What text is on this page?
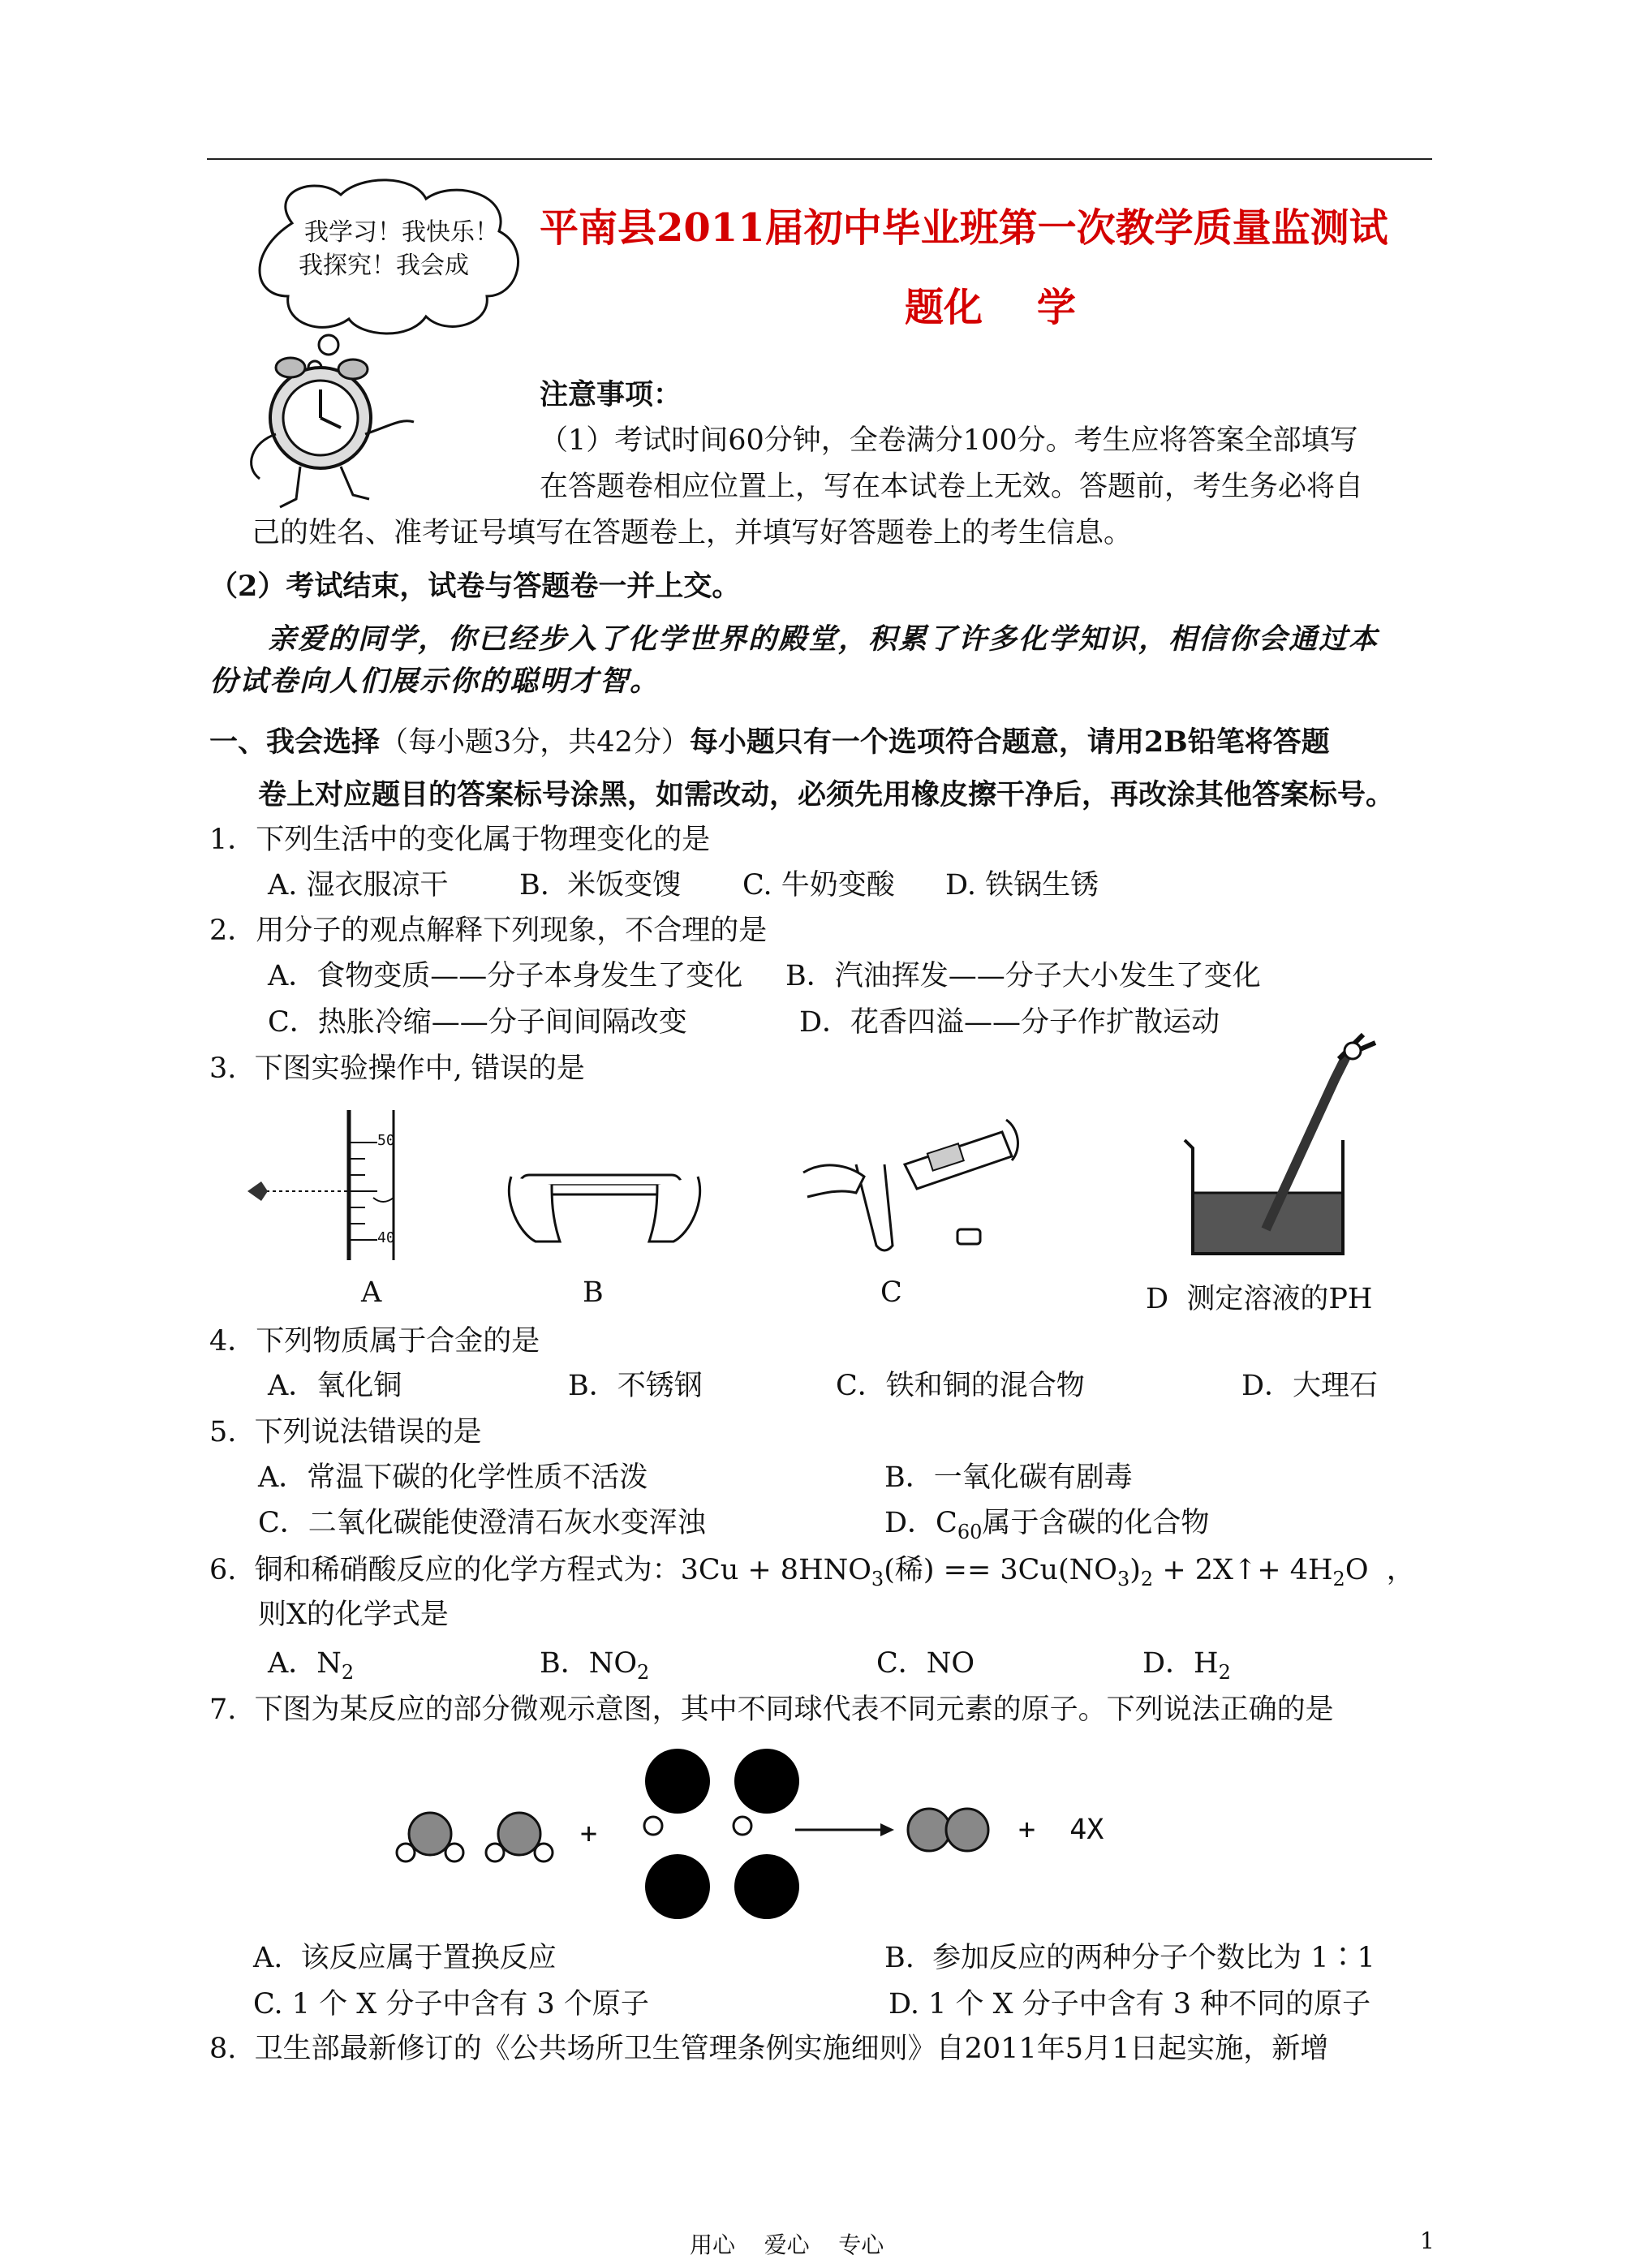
我学习！我快乐！
我探究！我会成
平南县2011届初中毕业班第一次教学质量监测试
题化    学
注意事项：
（1）考试时间60分钟，全卷满分100分。考生应将答案全部填写
在答题卷相应位置上，写在本试卷上无效。答题前，考生务必将自
己的姓名、准考证号填写在答题卷上，并填写好答题卷上的考生信息。
（2）考试结束，试卷与答题卷一并上交。
亲爱的同学，你已经步入了化学世界的殿堂，积累了许多化学知识，相信你会通过本
份试卷向人们展示你的聪明才智。
一、我会选择（每小题3分，共42分）每小题只有一个选项符合题意，请用2B铅笔将答题
卷上对应题目的答案标号涂黑，如需改动，必须先用橡皮擦干净后，再改涂其他答案标号。
1．下列生活中的变化属于物理变化的是
A. 湿衣服凉干 B.  米饭变馊 C. 牛奶变酸 D. 铁锅生锈
2．用分子的观点解释下列现象，不合理的是
A．食物变质——分子本身发生了变化 B．汽油挥发——分子大小发生了变化
C．热胀冷缩——分子间间隔改变	D．花香四溢——分子作扩散运动
3.  下图实验操作中, 错误的是
50
40
A	B	C	D  测定溶液的PH
4．下列物质属于合金的是
A．氧化铜	B．不锈钢	C．铁和铜的混合物	D．大理石
5.  下列说法错误的是
A．常温下碳的化学性质不活泼	B．一氧化碳有剧毒
C．二氧化碳能使澄清石灰水变浑浊	D．$C_{60}$属于含碳的化合物
6.  铜和稀硝酸反应的化学方程式为：$3Cu + 8HNO_3$(稀) == $3Cu(NO_3)_2$ + 2X↑+ $4H_2O$  ，
则X的化学式是
A．$N_2$	B．$NO_2$	C．NO	D．$H_2$
7.  下图为某反应的部分微观示意图，其中不同球代表不同元素的原子。下列说法正确的是
+	+  4X
A.  该反应属于置换反应	B.  参加反应的两种分子个数比为 1∶1
C. 1 个 X 分子中含有 3 个原子	D. 1 个 X 分子中含有 3 种不同的原子
8.  卫生部最新修订的《公共场所卫生管理条例实施细则》自2011年5月1日起实施，新增
用心    爱心    专心	1
